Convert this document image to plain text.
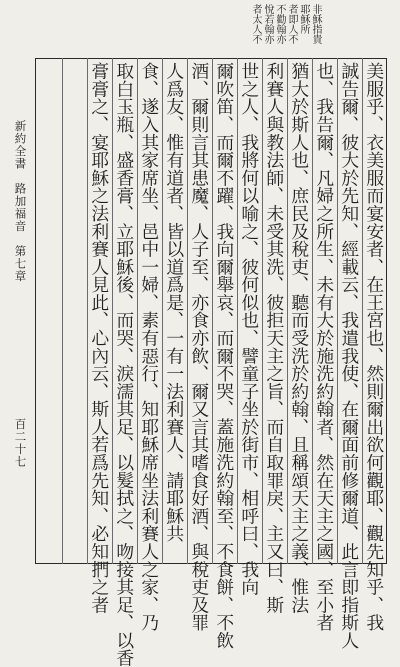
者太人不 悅若翰亦 不勸翰亦 者即人不 耶穌所 非穌指貴
美服乎、衣美服而宴安者、在王宮也、然則爾出欲何觀耶、觀先知乎、我
誠告爾、彼大於先知、經載云、我遣我使、在爾面前修爾道、此言即指斯人
也、我告爾、凡婦之所生、未有大於施洗約翰者、然在天主之國、至小者
猶大於斯人也、庶民及稅吏、聽而受洗於約翰、且稱頌天主之義、惟法
利賽人與教法師、未受其洗、彼拒天主之旨、而自取罪戾、主又曰、斯
世之人、我將何以喻之、彼何似也、譬童子坐於街市、相呼曰、我向
爾吹笛、而爾不躍、我向爾舉哀、而爾不哭、蓋施洗約翰至、不食餅、不飲
酒、爾則言其患魔、人子至、亦食亦飲、爾又言其嗜食好酒、與稅吏及罪
人爲友、惟有道者、皆以道爲是、一有一法利賽人、請耶穌共
食、遂入其家席坐、邑中一婦、素有惡行、知耶穌席坐法利賽人之家、乃
取白玉瓶、盛香膏、立耶穌後、而哭、淚濡其足、以髮拭之、吻接其足、以香
膏膏之、宴耶穌之法利賽人見此、心內云、斯人若爲先知、必知捫之者
新約全書　路加福音　第七章
百二十七
